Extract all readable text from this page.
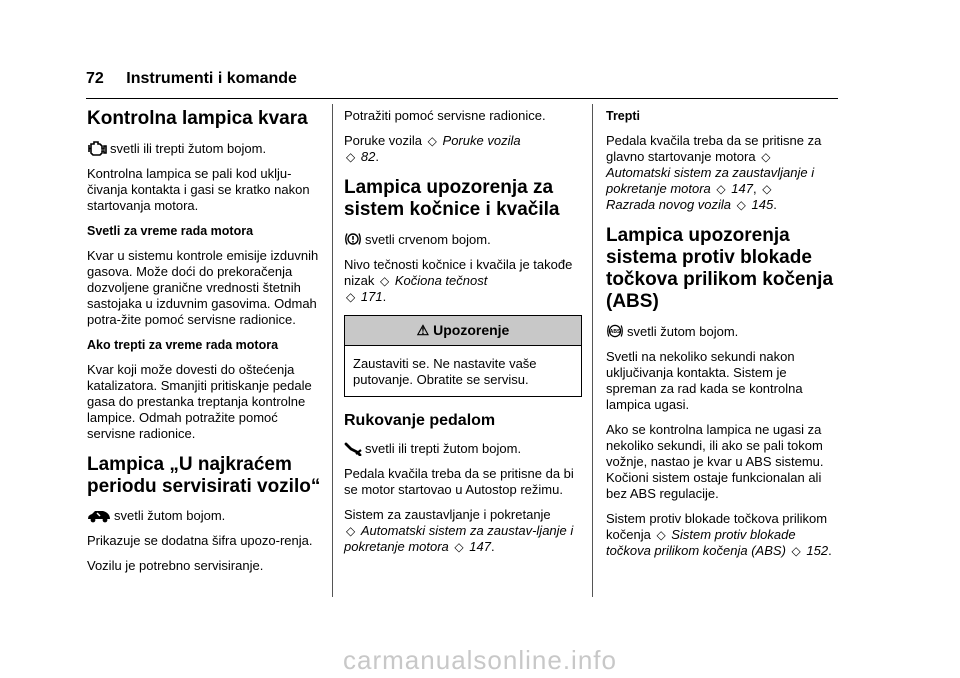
72 Instrumenti i komande
Kontrolna lampica kvara

svetli ili trepti žutom bojom.

Kontrolna lampica se pali kod uklju-čivanja kontakta i gasi se kratko nakon startovanja motora.

Svetli za vreme rada motora

Kvar u sistemu kontrole emisije izduvnih gasova. Može doći do prekoračenja dozvoljene granične vrednosti štetnih sastojaka u izduvnim gasovima. Odmah potra-žite pomoć servisne radionice.

Ako trepti za vreme rada motora

Kvar koji može dovesti do oštećenja katalizatora. Smanjiti pritiskanje pedale gasa do prestanka treptanja kontrolne lampice. Odmah potražite pomoć servisne radionice.

Lampica „U najkraćem periodu servisirati vozilo“

svetli žutom bojom.

Prikazuje se dodatna šifra upozo-renja.

Vozilu je potrebno servisiranje.

Potražiti pomoć servisne radionice.

Poruke vozila ◇ Poruke vozila
◇ 82.

Lampica upozorenja za sistem kočnice i kvačila

svetli crvenom bojom.

Nivo tečnosti kočnice i kvačila je takođe nizak ◇ Kočiona tečnost
◇ 171.

⚠ Upozorenje
Zaustaviti se. Ne nastavite vaše putovanje. Obratite se servisu.
Rukovanje pedalom

svetli ili trepti žutom bojom.

Pedala kvačila treba da se pritisne da bi se motor startovao u Autostop režimu.

Sistem za zaustavljanje i pokretanje
◇ Automatski sistem za zaustav-ljanje i pokretanje motora ◇ 147.

Trepti

Pedala kvačila treba da se pritisne za glavno startovanje motora ◇
Automatski sistem za zaustavljanje i pokretanje motora ◇ 147, ◇
Razrada novog vozila ◇ 145.

Lampica upozorenja sistema protiv blokade točkova prilikom kočenja (ABS)

ABS svetli žutom bojom.

Svetli na nekoliko sekundi nakon uključivanja kontakta. Sistem je spreman za rad kada se kontrolna lampica ugasi.

Ako se kontrolna lampica ne ugasi za nekoliko sekundi, ili ako se pali tokom vožnje, nastao je kvar u ABS sistemu. Kočioni sistem ostaje funkcionalan ali bez ABS regulacije.

Sistem protiv blokade točkova prilikom kočenja ◇ Sistem protiv blokade točkova prilikom kočenja (ABS) ◇ 152.

carmanualsonline.info
